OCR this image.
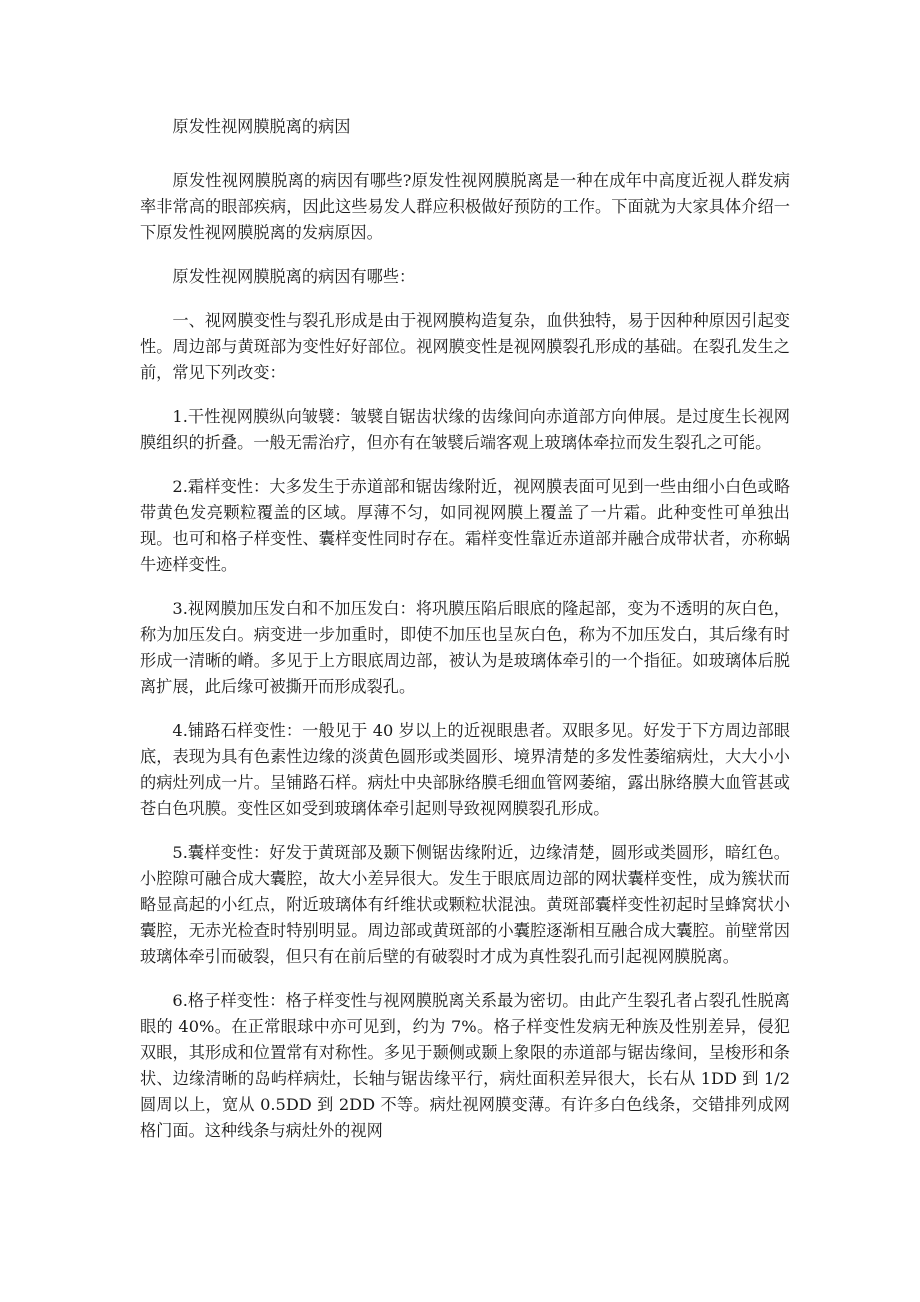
原发性视网膜脱离的病因

原发性视网膜脱离的病因有哪些?原发性视网膜脱离是一种在成年中高度近视人群发病率非常高的眼部疾病，因此这些易发人群应积极做好预防的工作。下面就为大家具体介绍一下原发性视网膜脱离的发病原因。

原发性视网膜脱离的病因有哪些：

一、视网膜变性与裂孔形成是由于视网膜构造复杂，血供独特，易于因种种原因引起变性。周边部与黄斑部为变性好好部位。视网膜变性是视网膜裂孔形成的基础。在裂孔发生之前，常见下列改变：

1.干性视网膜纵向皱襞：皱襞自锯齿状缘的齿缘间向赤道部方向伸展。是过度生长视网膜组织的折叠。一般无需治疗，但亦有在皱襞后端客观上玻璃体牵拉而发生裂孔之可能。

2.霜样变性：大多发生于赤道部和锯齿缘附近，视网膜表面可见到一些由细小白色或略带黄色发亮颗粒覆盖的区域。厚薄不匀，如同视网膜上覆盖了一片霜。此种变性可单独出现。也可和格子样变性、囊样变性同时存在。霜样变性靠近赤道部并融合成带状者，亦称蜗牛迹样变性。

3.视网膜加压发白和不加压发白：将巩膜压陷后眼底的隆起部，变为不透明的灰白色，称为加压发白。病变进一步加重时，即使不加压也呈灰白色，称为不加压发白，其后缘有时形成一清晰的嵴。多见于上方眼底周边部，被认为是玻璃体牵引的一个指征。如玻璃体后脱离扩展，此后缘可被撕开而形成裂孔。

4.铺路石样变性：一般见于 40 岁以上的近视眼患者。双眼多见。好发于下方周边部眼底，表现为具有色素性边缘的淡黄色圆形或类圆形、境界清楚的多发性萎缩病灶，大大小小的病灶列成一片。呈铺路石样。病灶中央部脉络膜毛细血管网萎缩，露出脉络膜大血管甚或苍白色巩膜。变性区如受到玻璃体牵引起则导致视网膜裂孔形成。

5.囊样变性：好发于黄斑部及颞下侧锯齿缘附近，边缘清楚，圆形或类圆形，暗红色。小腔隙可融合成大囊腔，故大小差异很大。发生于眼底周边部的网状囊样变性，成为簇状而略显高起的小红点，附近玻璃体有纤维状或颗粒状混浊。黄斑部囊样变性初起时呈蜂窝状小囊腔，无赤光检查时特别明显。周边部或黄斑部的小囊腔逐渐相互融合成大囊腔。前壁常因玻璃体牵引而破裂，但只有在前后壁的有破裂时才成为真性裂孔而引起视网膜脱离。

6.格子样变性：格子样变性与视网膜脱离关系最为密切。由此产生裂孔者占裂孔性脱离眼的 40%。在正常眼球中亦可见到，约为 7%。格子样变性发病无种族及性别差异，侵犯双眼，其形成和位置常有对称性。多见于颞侧或颞上象限的赤道部与锯齿缘间，呈梭形和条状、边缘清晰的岛屿样病灶，长轴与锯齿缘平行，病灶面积差异很大，长右从 1DD 到 1/2 圆周以上，宽从 0.5DD 到 2DD 不等。病灶视网膜变薄。有许多白色线条，交错排列成网格门面。这种线条与病灶外的视网
